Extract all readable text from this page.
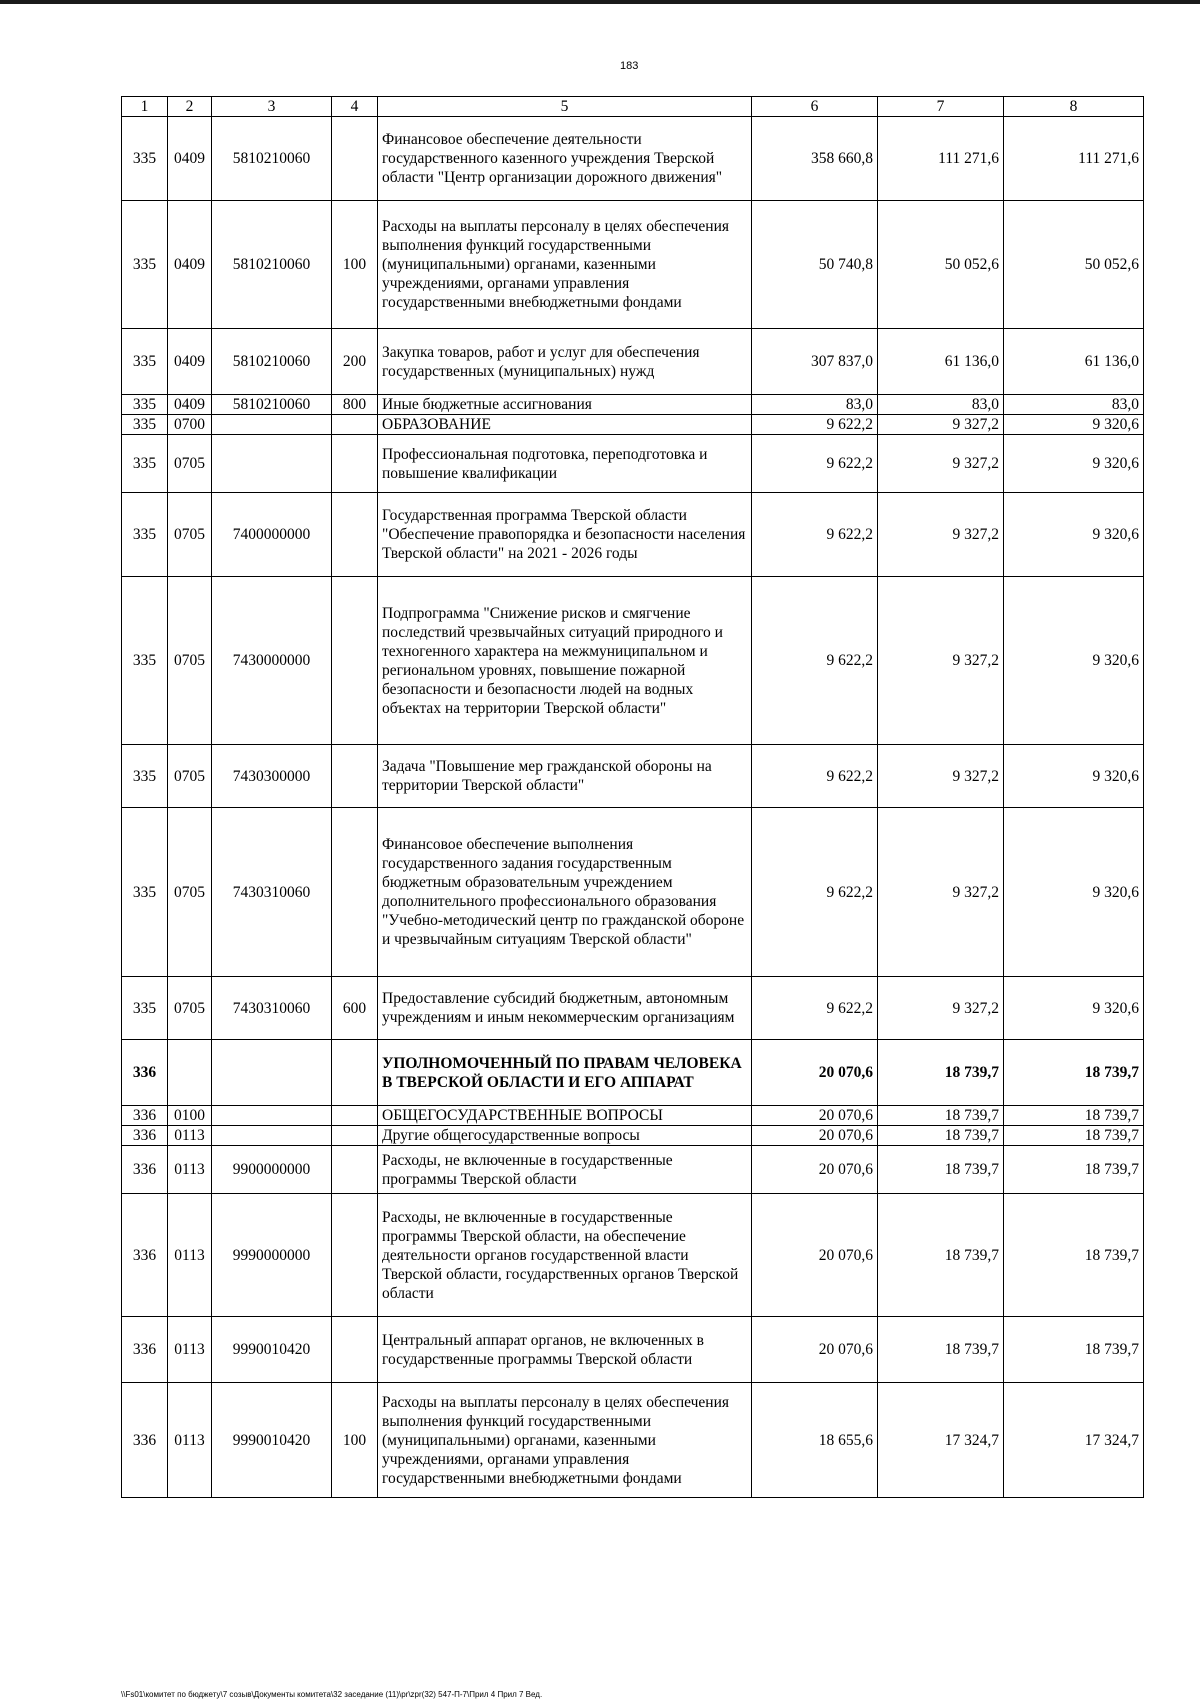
183
1	2	3	4	5	6	7	8
335	0409	5810210060		Финансовое обеспечение деятельности государственного казенного учреждения Тверской области "Центр организации дорожного движения"	358 660,8	111 271,6	111 271,6
335	0409	5810210060	100	Расходы на выплаты персоналу в целях обеспечения выполнения функций государственными (муниципальными) органами, казенными учреждениями, органами управления государственными внебюджетными фондами	50 740,8	50 052,6	50 052,6
335	0409	5810210060	200	Закупка товаров, работ и услуг для обеспечения государственных (муниципальных) нужд	307 837,0	61 136,0	61 136,0
335	0409	5810210060	800	Иные бюджетные ассигнования	83,0	83,0	83,0
335	0700			ОБРАЗОВАНИЕ	9 622,2	9 327,2	9 320,6
335	0705			Профессиональная подготовка, переподготовка и повышение квалификации	9 622,2	9 327,2	9 320,6
335	0705	7400000000		Государственная программа Тверской области "Обеспечение правопорядка и безопасности населения Тверской области" на 2021 - 2026 годы	9 622,2	9 327,2	9 320,6
335	0705	7430000000		Подпрограмма "Снижение рисков и смягчение последствий чрезвычайных ситуаций природного и техногенного характера на межмуниципальном и региональном уровнях, повышение пожарной безопасности и безопасности людей на водных объектах на территории Тверской области"	9 622,2	9 327,2	9 320,6
335	0705	7430300000		Задача "Повышение мер гражданской обороны на территории Тверской области"	9 622,2	9 327,2	9 320,6
335	0705	7430310060		Финансовое обеспечение выполнения государственного задания государственным бюджетным образовательным учреждением дополнительного профессионального образования "Учебно-методический центр по гражданской обороне и чрезвычайным ситуациям Тверской области"	9 622,2	9 327,2	9 320,6
335	0705	7430310060	600	Предоставление субсидий бюджетным, автономным учреждениям и иным некоммерческим организациям	9 622,2	9 327,2	9 320,6
336				УПОЛНОМОЧЕННЫЙ ПО ПРАВАМ ЧЕЛОВЕКА В ТВЕРСКОЙ ОБЛАСТИ И ЕГО АППАРАТ	20 070,6	18 739,7	18 739,7
336	0100			ОБЩЕГОСУДАРСТВЕННЫЕ ВОПРОСЫ	20 070,6	18 739,7	18 739,7
336	0113			Другие общегосударственные вопросы	20 070,6	18 739,7	18 739,7
336	0113	9900000000		Расходы, не включенные в государственные программы Тверской области	20 070,6	18 739,7	18 739,7
336	0113	9990000000		Расходы, не включенные в государственные программы Тверской области, на обеспечение деятельности органов государственной власти Тверской области, государственных органов Тверской области	20 070,6	18 739,7	18 739,7
336	0113	9990010420		Центральный аппарат органов, не включенных в государственные программы Тверской области	20 070,6	18 739,7	18 739,7
336	0113	9990010420	100	Расходы на выплаты персоналу в целях обеспечения выполнения функций государственными (муниципальными) органами, казенными учреждениями, органами управления государственными внебюджетными фондами	18 655,6	17 324,7	17 324,7
\\Fs01\комитет по бюджету\7 созыв\Документы комитета\32 заседание (11)\pr\zpr(32) 547-П-7\Прил 4 Прил 7 Вед.
